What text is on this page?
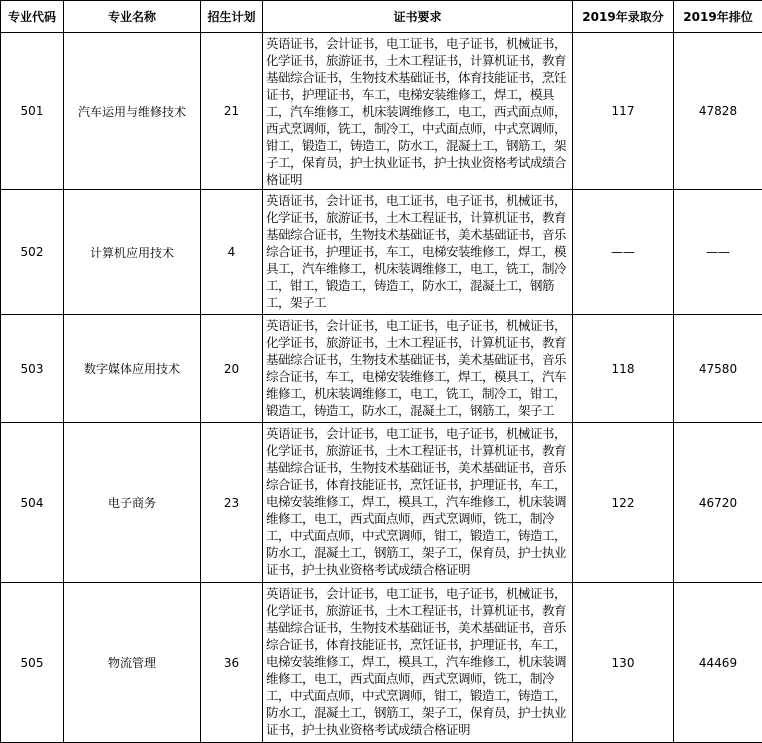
专业代码	专业名称	招生计划	证书要求	2019年录取分	2019年排位
501	汽车运用与维修技术	21	英语证书，会计证书，电工证书，电子证书，机械证书，化学证书，旅游证书，土木工程证书，计算机证书，教育基础综合证书，生物技术基础证书，体育技能证书，烹饪证书，护理证书，车工，电梯安装维修工，焊工，模具工，汽车维修工，机床装调维修工，电工，西式面点师，西式烹调师，铣工，制冷工，中式面点师，中式烹调师，钳工，锻造工，铸造工，防水工，混凝土工，钢筋工，架子工，保育员，护士执业证书，护士执业资格考试成绩合格证明	117	47828
502	计算机应用技术	4	英语证书，会计证书，电工证书，电子证书，机械证书，化学证书，旅游证书，土木工程证书，计算机证书，教育基础综合证书，生物技术基础证书，美术基础证书，音乐综合证书，护理证书，车工，电梯安装维修工，焊工，模具工，汽车维修工，机床装调维修工，电工，铣工，制冷工，钳工，锻造工，铸造工，防水工，混凝土工，钢筋工，架子工	——	——
503	数字媒体应用技术	20	英语证书，会计证书，电工证书，电子证书，机械证书，化学证书，旅游证书，土木工程证书，计算机证书，教育基础综合证书，生物技术基础证书，美术基础证书，音乐综合证书，车工，电梯安装维修工，焊工，模具工，汽车维修工，机床装调维修工，电工，铣工，制冷工，钳工，锻造工，铸造工，防水工，混凝土工，钢筋工，架子工	118	47580
504	电子商务	23	英语证书，会计证书，电工证书，电子证书，机械证书，化学证书，旅游证书，土木工程证书，计算机证书，教育基础综合证书，生物技术基础证书，美术基础证书，音乐综合证书，体育技能证书，烹饪证书，护理证书，车工，电梯安装维修工，焊工，模具工，汽车维修工，机床装调维修工，电工，西式面点师，西式烹调师，铣工，制冷工，中式面点师，中式烹调师，钳工，锻造工，铸造工，防水工，混凝土工，钢筋工，架子工，保育员，护士执业证书，护士执业资格考试成绩合格证明	122	46720
505	物流管理	36	英语证书，会计证书，电工证书，电子证书，机械证书，化学证书，旅游证书，土木工程证书，计算机证书，教育基础综合证书，生物技术基础证书，美术基础证书，音乐综合证书，体育技能证书，烹饪证书，护理证书，车工，电梯安装维修工，焊工，模具工，汽车维修工，机床装调维修工，电工，西式面点师，西式烹调师，铣工，制冷工，中式面点师，中式烹调师，钳工，锻造工，铸造工，防水工，混凝土工，钢筋工，架子工，保育员，护士执业证书，护士执业资格考试成绩合格证明	130	44469
